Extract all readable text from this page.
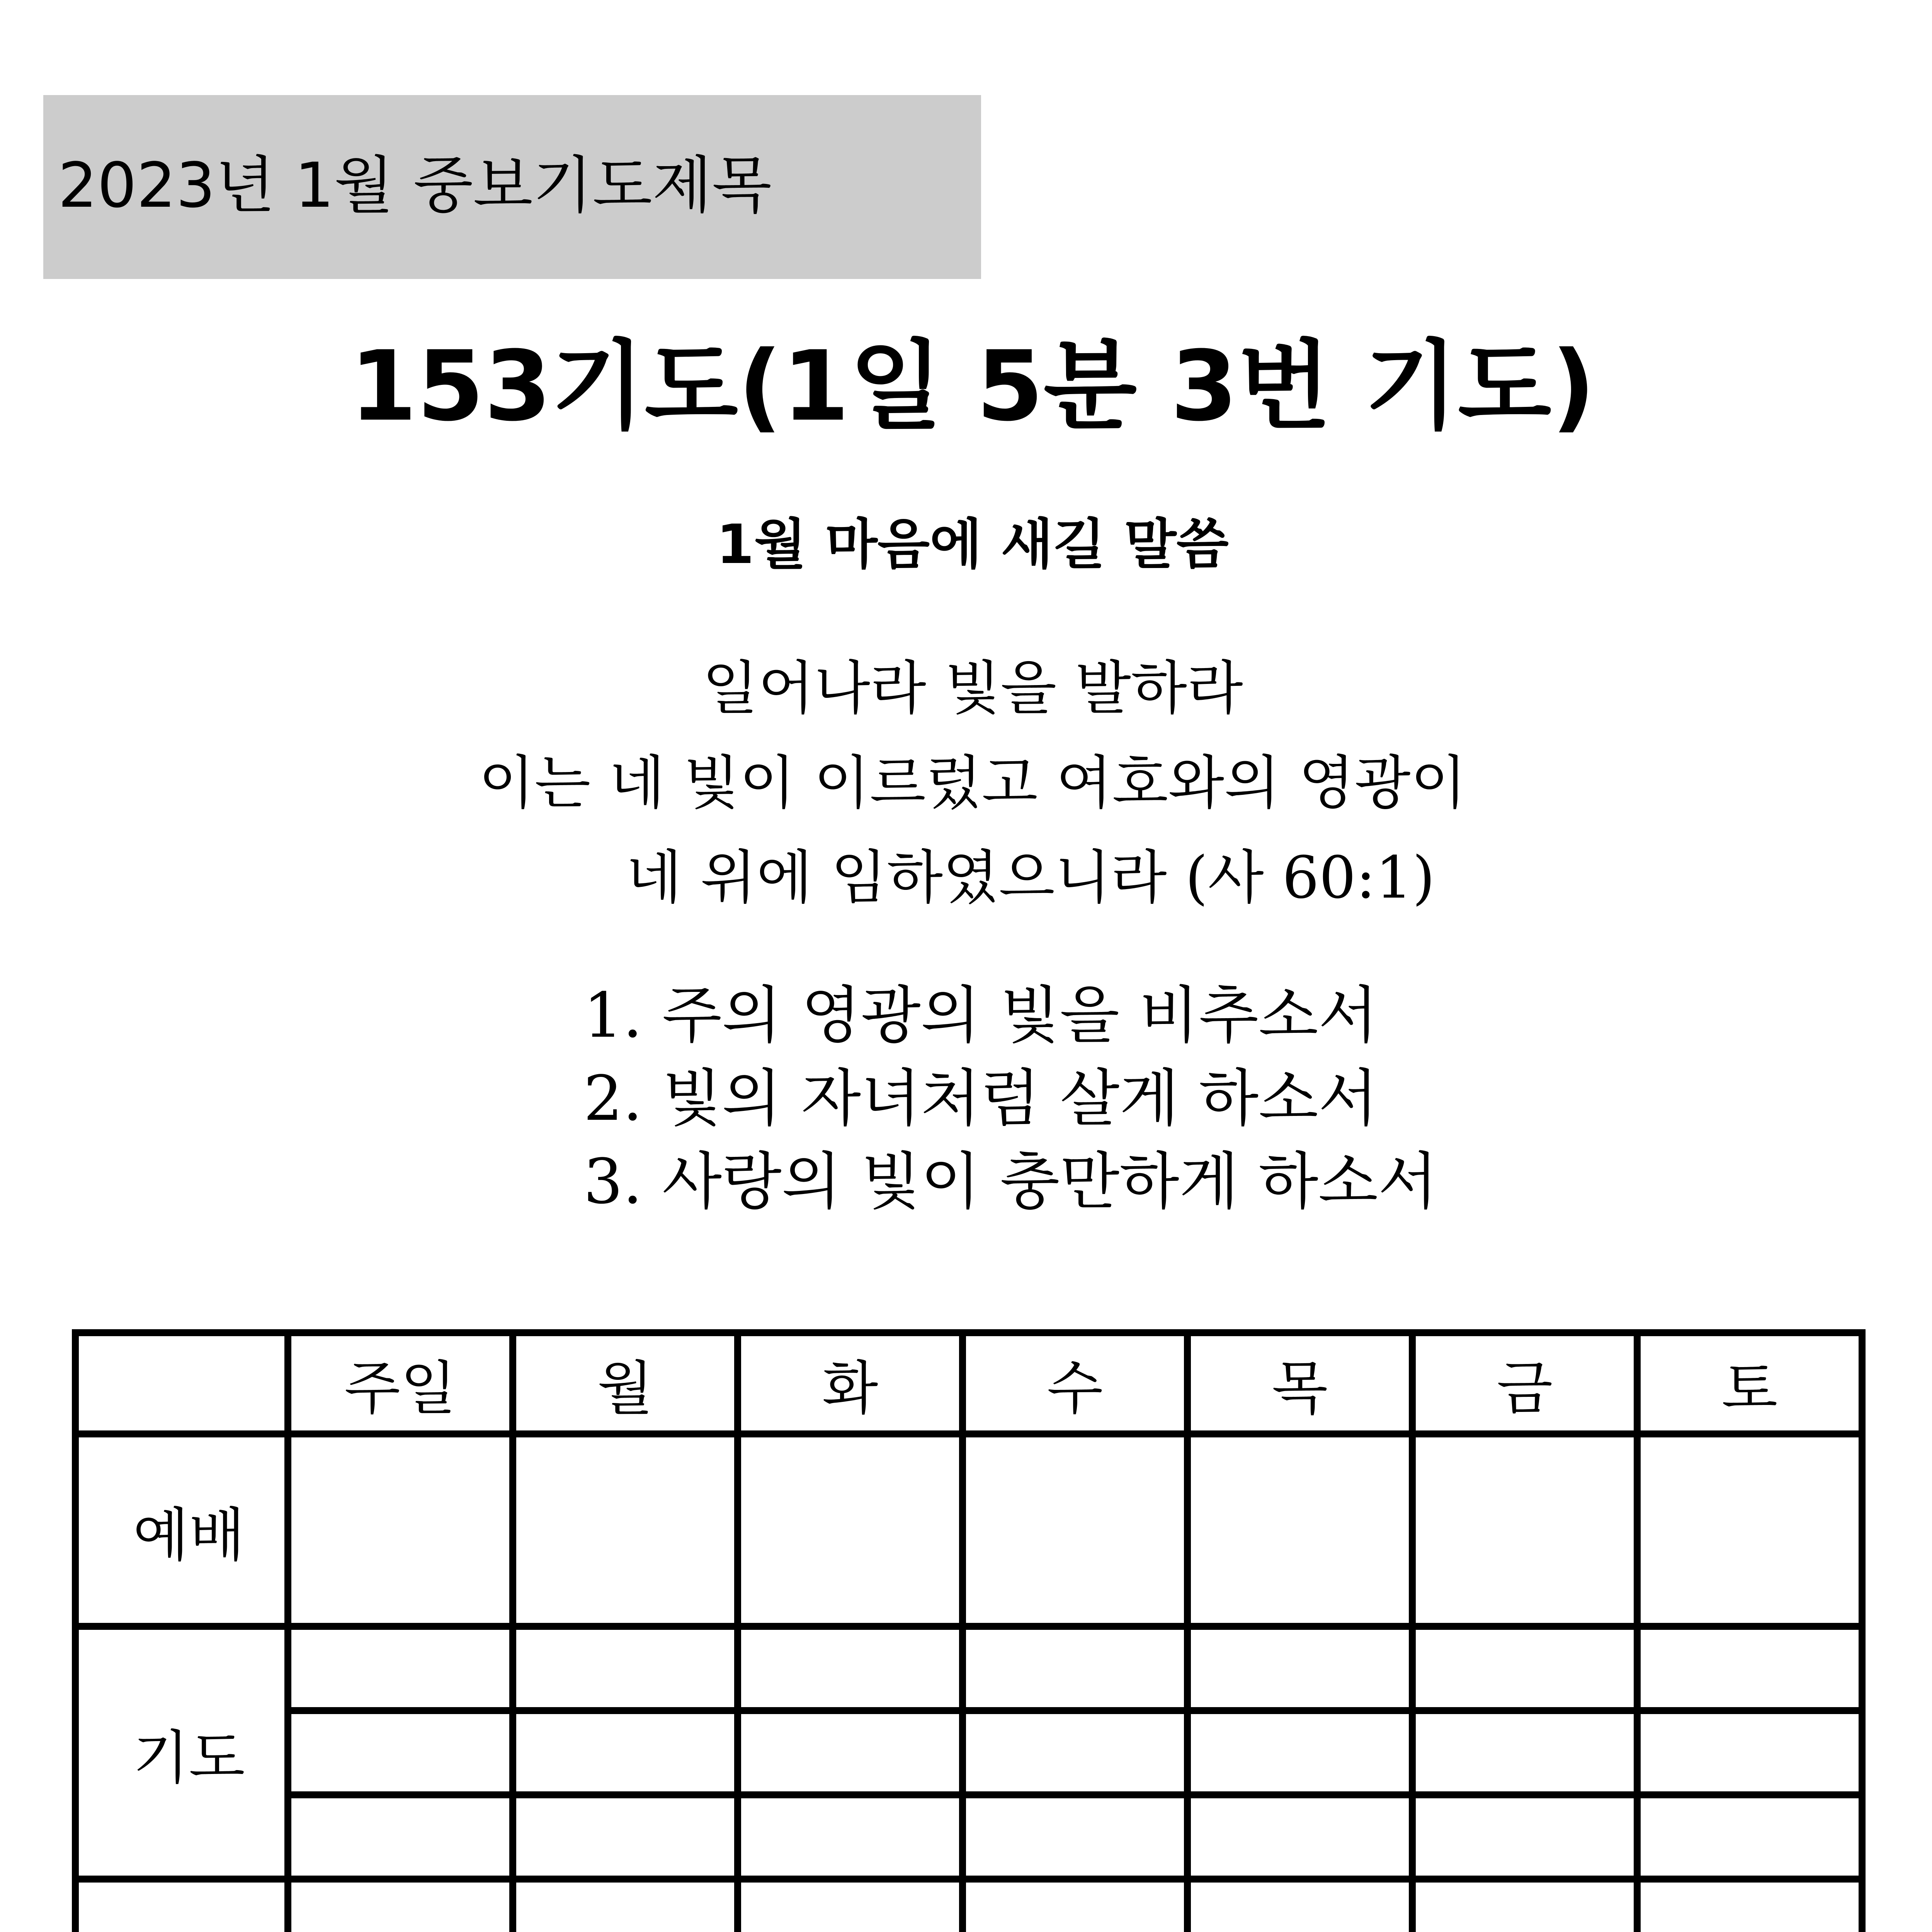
2023년 1월 중보기도제목
153기도(1일 5분 3번 기도)
1월 마음에 새길 말씀
일어나라 빛을 발하라
이는 네 빛이 이르렀고 여호와의 영광이
네 위에 임하였으니라 (사 60:1)
1. 주의 영광의 빛을 비추소서
2. 빛의 자녀처럼 살게 하소서
3. 사랑의 빛이 충만하게 하소서
	주일	월	화	수	목	금	토
예배							
기도							
